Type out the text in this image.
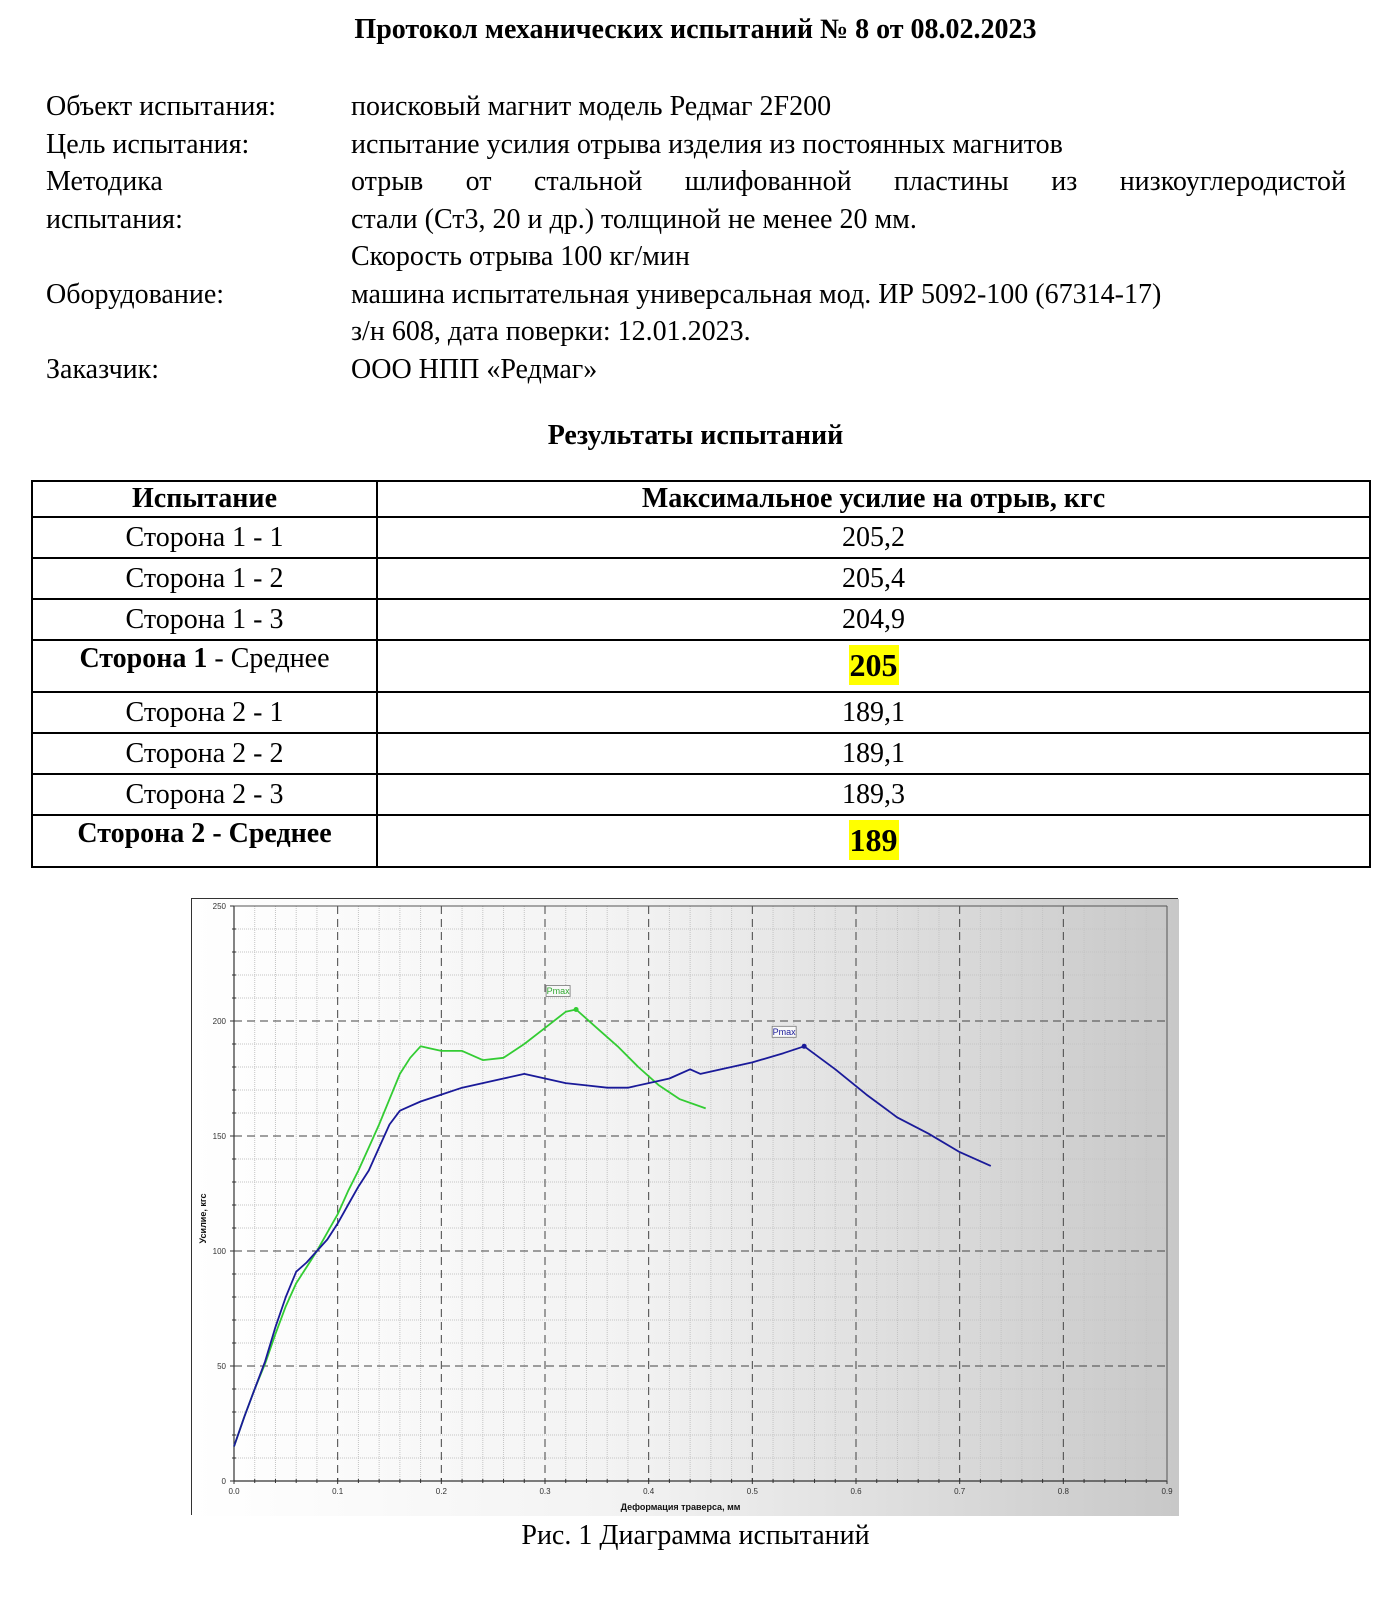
Протокол механических испытаний № 8 от 08.02.2023
Объект испытания:	поисковый магнит модель Редмаг 2F200
Цель испытания:	испытание усилия отрыва изделия из постоянных магнитов
Методика
испытания:
отрыв от стальной шлифованной пластины из низкоуглеродистой
стали (Ст3, 20 и др.) толщиной не менее 20 мм.
Скорость отрыва 100 кг/мин
Оборудование:	машина испытательная универсальная мод. ИР 5092-100 (67314-17)
з/н 608, дата поверки: 12.01.2023.
Заказчик:	ООО НПП «Редмаг»
Результаты испытаний
Испытание	Максимальное усилие на отрыв, кгс
Сторона 1 - 1	205,2
Сторона 1 - 2	205,4
Сторона 1 - 3	204,9
Сторона 1 - Среднее	205
Сторона 2 - 1	189,1
Сторона 2 - 2	189,1
Сторона 2 - 3	189,3
Сторона 2 - Среднее	189
0.0	0.1	0.2	0.3	0.4	0.5	0.6	0.7	0.8	0.9
0
50
100
150
200
250
Pmax
Pmax
Деформация траверса, мм
Усилие, кгс
Рис. 1 Диаграмма испытаний
